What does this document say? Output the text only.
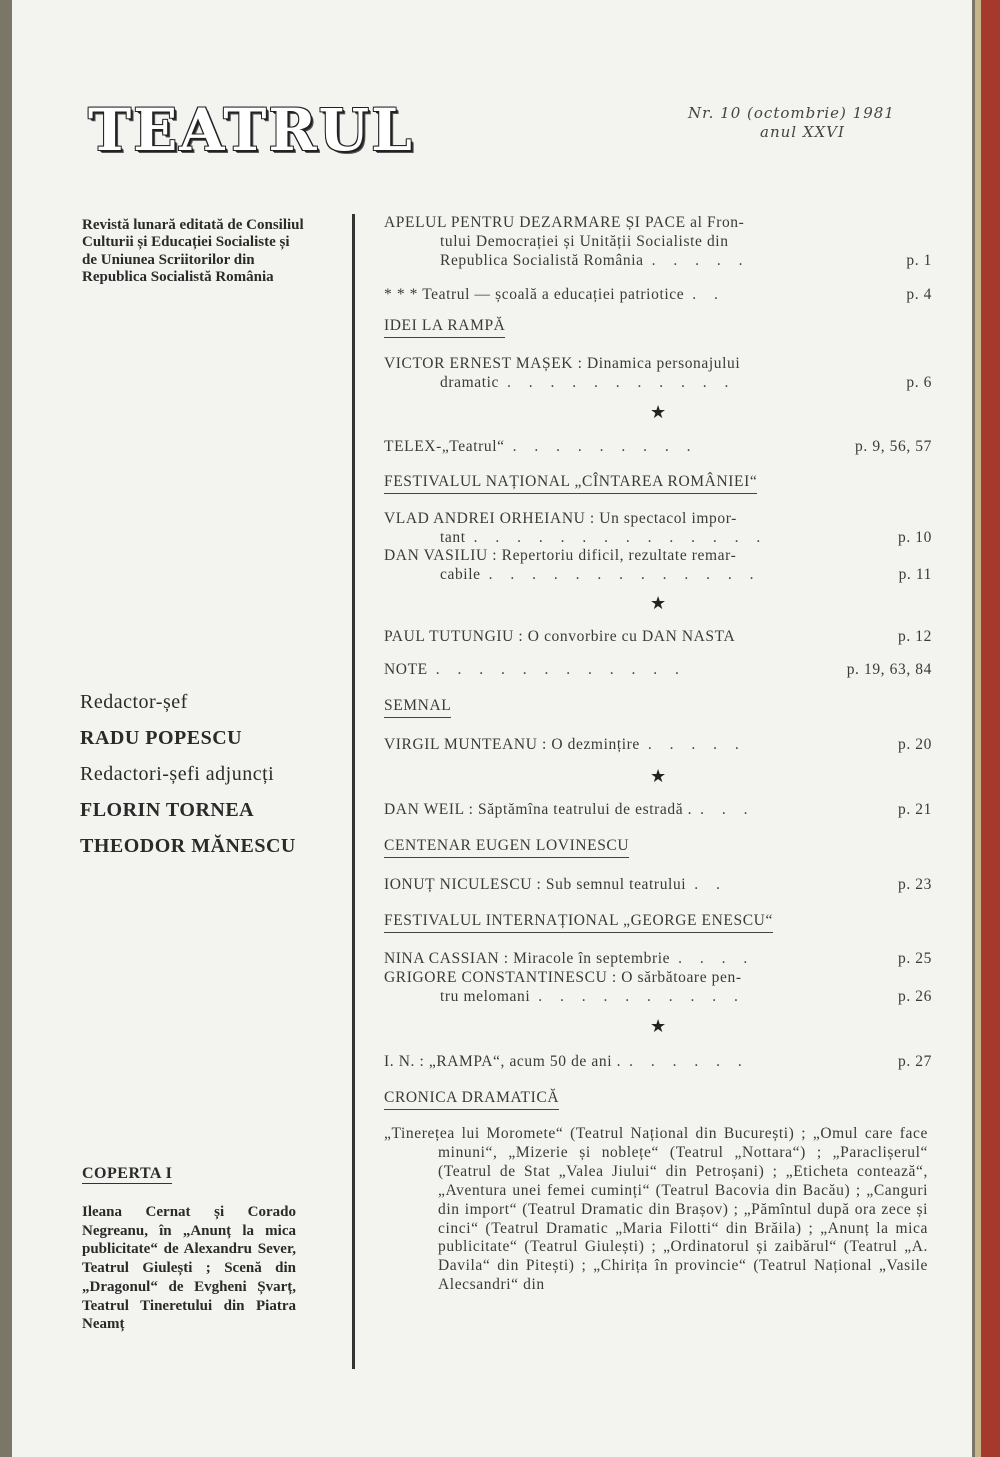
TEATRUL	Nr. 10 (octombrie) 1981
anul XXVI
Revistă lunară editată de Consiliul Culturii și Educației Socialiste și de Uniunea Scriitorilor din Republica Socialistă România
Redactor-șef
RADU POPESCU
Redactori-șefi adjuncți
FLORIN TORNEA
THEODOR MĂNESCU
COPERTA I
Ileana Cernat și Corado Negreanu, în „Anunț la mica publicitate“ de Alexandru Sever, Teatrul Giulești ; Scenă din „Dragonul“ de Evgheni Șvarț, Teatrul Tineretului din Piatra Neamț
APELUL PENTRU DEZARMARE ȘI PACE al Fron-
tului Democrației și Unității Socialiste din
Republica Socialistă România . . . . .	p. 1
* * * Teatrul — școală a educației patriotice . .	p. 4
IDEI LA RAMPĂ
VICTOR ERNEST MAȘEK : Dinamica personajului
dramatic . . . . . . . . . . .	p. 6
★
TELEX-„Teatrul“ . . . . . . . . .	p. 9, 56, 57
FESTIVALUL NAȚIONAL „CÎNTAREA ROMÂNIEI“
VLAD ANDREI ORHEIANU : Un spectacol impor-
tant . . . . . . . . . . . . . .	p. 10
DAN VASILIU : Repertoriu dificil, rezultate remar-
cabile . . . . . . . . . . . . .	p. 11
★
PAUL TUTUNGIU : O convorbire cu DAN NASTA	p. 12
NOTE . . . . . . . . . . . .	p. 19, 63, 84
SEMNAL
VIRGIL MUNTEANU : O dezmințire . . . . .	p. 20
★
DAN WEIL : Săptămîna teatrului de estradă . . . .	p. 21
CENTENAR EUGEN LOVINESCU
IONUȚ NICULESCU : Sub semnul teatrului . .	p. 23
FESTIVALUL INTERNAȚIONAL „GEORGE ENESCU“
NINA CASSIAN : Miracole în septembrie . . . .	p. 25
GRIGORE CONSTANTINESCU : O sărbătoare pen-
tru melomani . . . . . . . . . .	p. 26
★
I. N. : „RAMPA“, acum 50 de ani . . . . . . .	p. 27
CRONICA DRAMATICĂ
„Tinerețea lui Moromete“ (Teatrul Național din București) ; „Omul care face minuni“, „Mizerie și noblețe“ (Teatrul „Nottara“) ; „Paraclișerul“ (Teatrul de Stat „Valea Jiului“ din Petroșani) ; „Eticheta contează“, „Aventura unei femei cuminți“ (Teatrul Bacovia din Bacău) ; „Canguri din import“ (Teatrul Dramatic din Brașov) ; „Pămîntul după ora zece și cinci“ (Teatrul Dramatic „Maria Filotti“ din Brăila) ; „Anunț la mica publicitate“ (Teatrul Giulești) ; „Ordinatorul și zaibărul“ (Teatrul „A. Davila“ din Pitești) ; „Chirița în provincie“ (Teatrul Național „Vasile Alecsandri“ din
